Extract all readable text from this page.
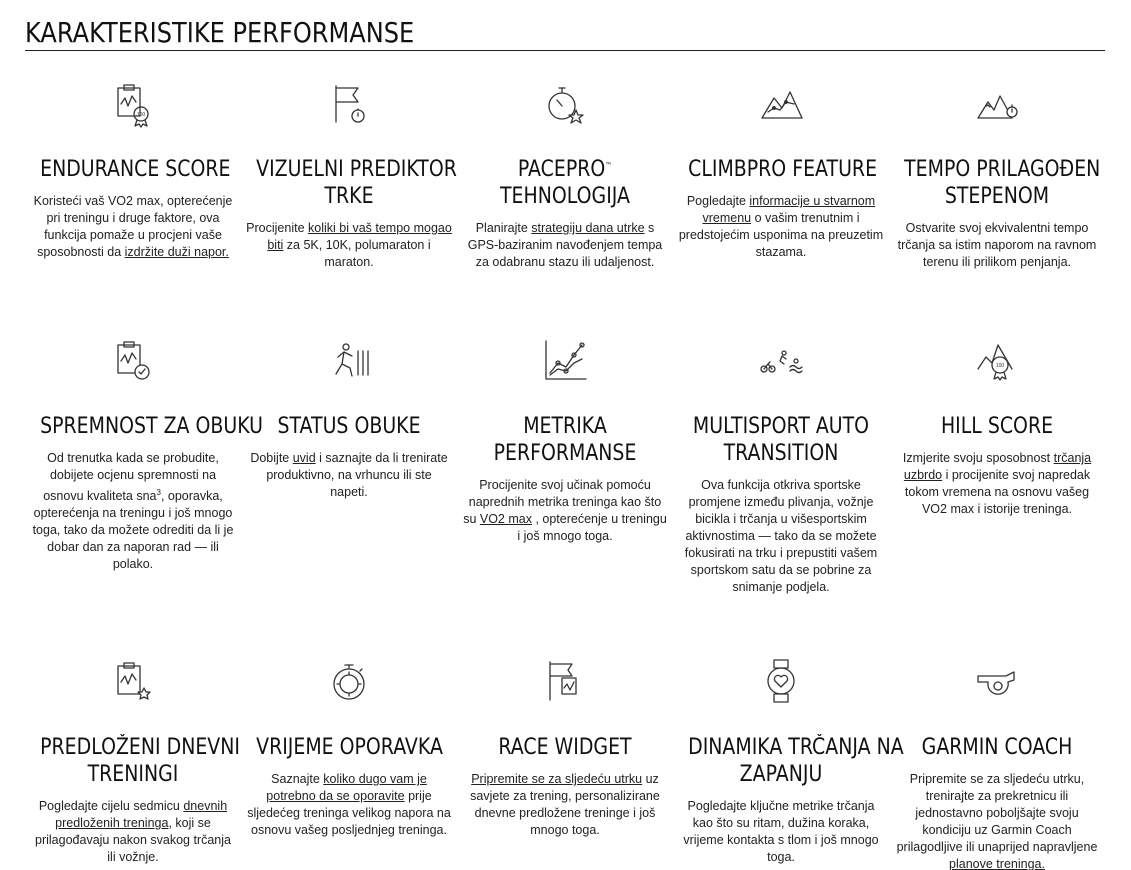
KARAKTERISTIKE PERFORMANSE
100
ENDURANCE SCORE
Koristeći vaš VO2 max, opterećenje pri treningu i druge faktore, ova funkcija pomaže u procjeni vaše sposobnosti da izdržite duži napor.
VIZUELNI PREDIKTOR
TRKE
Procijenite koliki bi vaš tempo mogao biti za 5K, 10K, polumaraton i maraton.
PACEPRO™
TEHNOLOGIJA
Planirajte strategiju dana utrke s GPS-baziranim navođenjem tempa za odabranu stazu ili udaljenost.
CLIMBPRO FEATURE
Pogledajte informacije u stvarnom vremenu o vašim trenutnim i predstojećim usponima na preuzetim stazama.
TEMPO PRILAGOĐEN
STEPENOM
Ostvarite svoj ekvivalentni tempo trčanja sa istim naporom na ravnom terenu ili prilikom penjanja.
SPREMNOST ZA OBUKU
Od trenutka kada se probudite, dobijete ocjenu spremnosti na osnovu kvaliteta sna$^3$, oporavka, opterećenja na treningu i još mnogo toga, tako da možete odrediti da li je dobar dan za naporan rad — ili polako.
STATUS OBUKE
Dobijte uvid i saznajte da li trenirate produktivno, na vrhuncu ili ste napeti.
METRIKA
PERFORMANSE
Procijenite svoj učinak pomoću naprednih metrika treninga kao što su VO2 max , opterećenje u treningu i još mnogo toga.
MULTISPORT AUTO
TRANSITION
Ova funkcija otkriva sportske promjene između plivanja, vožnje bicikla i trčanja u višesportskim aktivnostima — tako da se možete fokusirati na trku i prepustiti vašem sportskom satu da se pobrine za snimanje podjela.
100
HILL SCORE
Izmjerite svoju sposobnost trčanja uzbrdo i procijenite svoj napredak tokom vremena na osnovu vašeg VO2 max i istorije treninga.
PREDLOŽENI DNEVNI
TRENINGI
Pogledajte cijelu sedmicu dnevnih predloženih treninga, koji se prilagođavaju nakon svakog trčanja ili vožnje.
VRIJEME OPORAVKA
Saznajte koliko dugo vam je potrebno da se oporavite prije sljedećeg treninga velikog napora na osnovu vašeg posljednjeg treninga.
RACE WIDGET
Pripremite se za sljedeću utrku uz savjete za trening, personalizirane dnevne predložene treninge i još mnogo toga.
DINAMIKA TRČANJA NA
ZAPANJU
Pogledajte ključne metrike trčanja kao što su ritam, dužina koraka, vrijeme kontakta s tlom i još mnogo toga.
GARMIN COACH
Pripremite se za sljedeću utrku, trenirajte za prekretnicu ili jednostavno poboljšajte svoju kondiciju uz Garmin Coach prilagodljive ili unaprijed napravljene planove treninga.
